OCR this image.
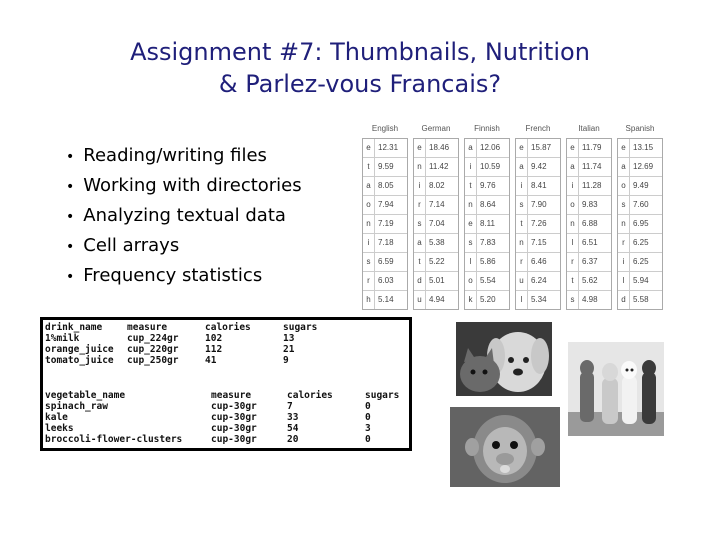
Assignment #7: Thumbnails, Nutrition
& Parlez-vous Francais?
• Reading/writing files
• Working with directories
• Analyzing textual data
• Cell arrays
• Frequency statistics
English
e 12.31
t	9.59
a 8.05
o 7.94
n 7.19
i	7.18
s 6.59
r	6.03
h 5.14
German
e 18.46
n 11.42
i	8.02
r	7.14
s 7.04
a 5.38
t	5.22
d 5.01
u 4.94
Finnish
a 12.06
i	10.59
t	9.76
n 8.64
e 8.11
s 7.83
l	5.86
o 5.54
k 5.20
French
e 15.87
a 9.42
i	8.41
s 7.90
t	7.26
n 7.15
r	6.46
u 6.24
l	5.34
Italian
e 11.79
a 11.74
i	11.28
o 9.83
n 6.88
l	6.51
r	6.37
t	5.62
s 4.98
Spanish
e 13.15
a 12.69
o 9.49
s 7.60
n 6.95
r	6.25
i	6.25
l	5.94
d 5.58
drink_name	measure	calories	sugars
1%milk	cup_224gr	102	13
orange_juice cup_220gr	112	21
tomato_juice cup_250gr	41	9
vegetable_name	measure	calories	sugars
spinach_raw	cup-30gr	7	0
kale	cup-30gr	33	0
leeks	cup-30gr	54	3
broccoli-flower-clusters	cup-30gr	20	0
